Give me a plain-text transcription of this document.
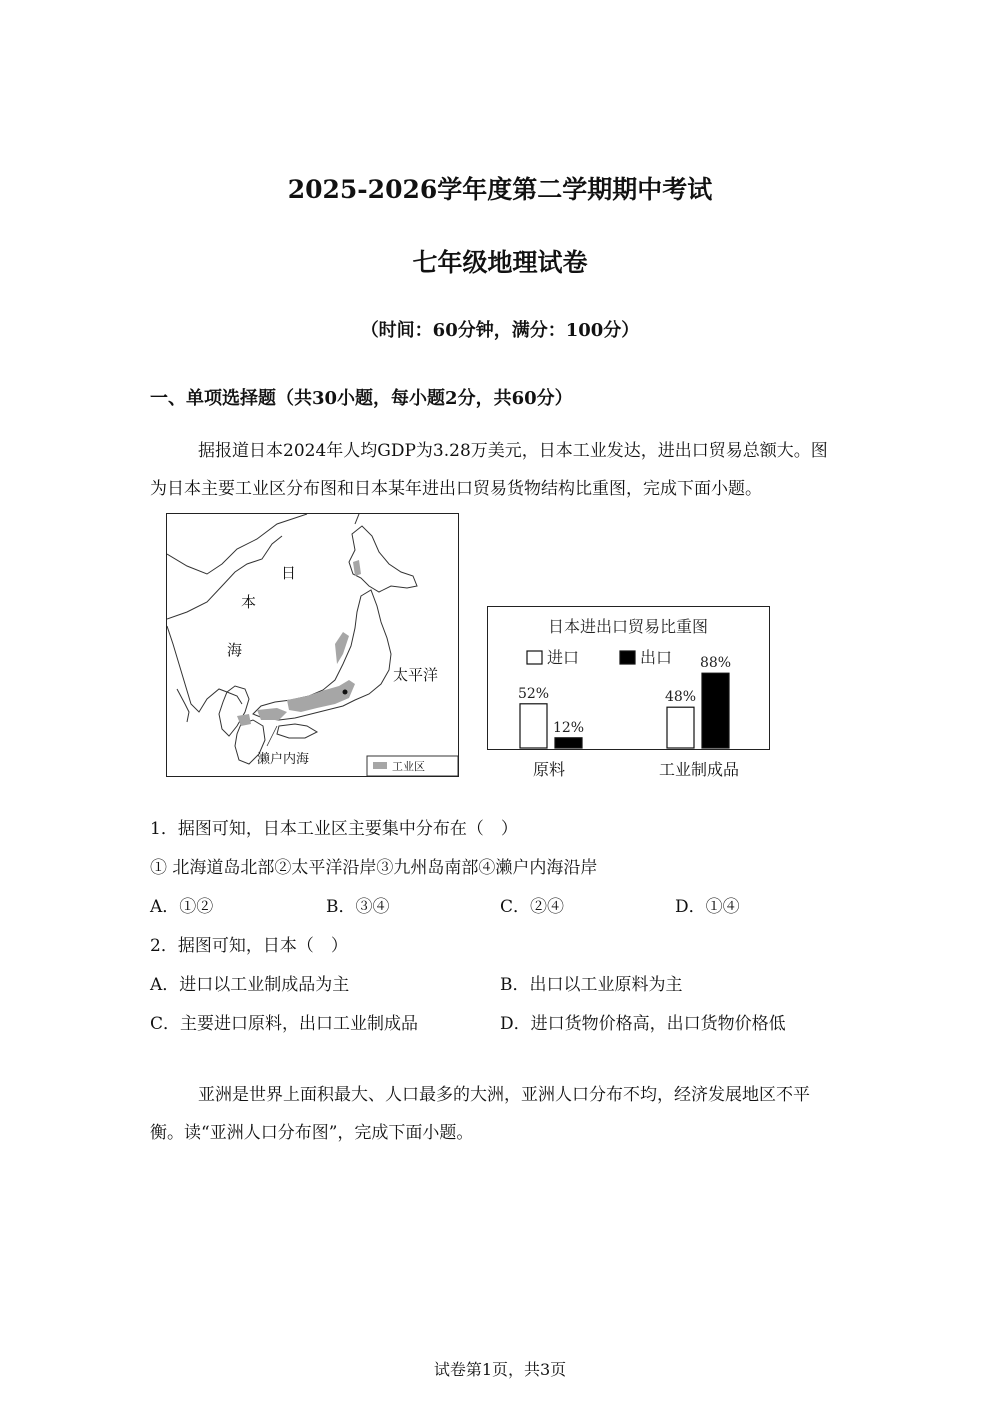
2025-2026学年度第二学期期中考试
七年级地理试卷
（时间：60分钟，满分：100分）
一、单项选择题（共30小题，每小题2分，共60分）
据报道日本2024年人均GDP为3.28万美元，日本工业发达，进出口贸易总额大。图为日本主要工业区分布图和日本某年进出口贸易货物结构比重图，完成下面小题。
日
本
海
太平洋
濑户内海	工业区
日本进出口贸易比重图
进口	出口
52%
12%
48%
88%
原料	工业制成品
1．据图可知，日本工业区主要集中分布在（　）
① 北海道岛北部②太平洋沿岸③九州岛南部④濑户内海沿岸
A．①②	B．③④	C．②④	D．①④
2．据图可知，日本（　）
A．进口以工业制成品为主	B．出口以工业原料为主
C．主要进口原料，出口工业制成品	D．进口货物价格高，出口货物价格低
亚洲是世界上面积最大、人口最多的大洲，亚洲人口分布不均，经济发展地区不平衡。读“亚洲人口分布图”，完成下面小题。
试卷第1页，共3页
